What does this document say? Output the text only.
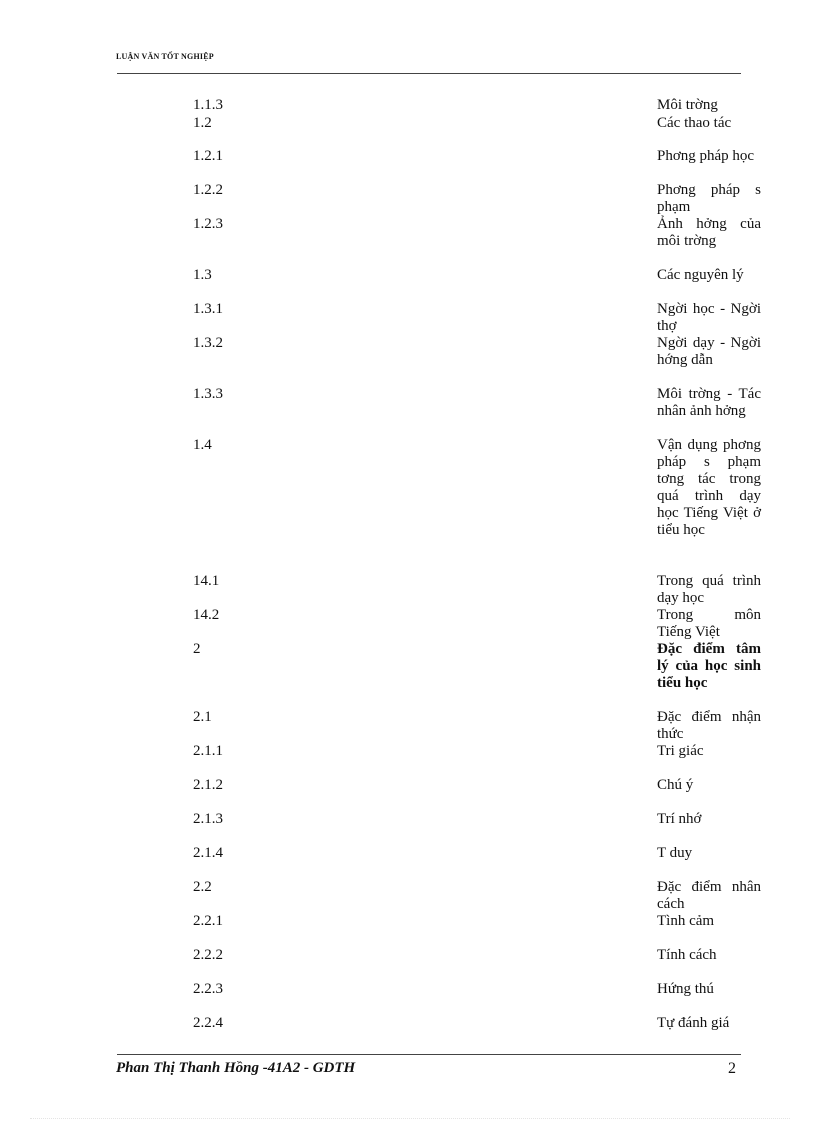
LUẬN VĂN TỐT NGHIỆP
1.1.3	Môi trờng
1.2	Các thao tác
1.2.1	Phơng pháp học
1.2.2	Phơng pháp s phạm
1.2.3	Ảnh hởng của môi trờng
1.3	Các nguyên lý
1.3.1	Ngời học - Ngời thợ
1.3.2	Ngời dạy - Ngời hớng dẫn
1.3.3	Môi trờng - Tác nhân ảnh hởng
1.4	Vận dụng phơng pháp s phạm tơng tác trong quá trình dạy học Tiếng Việt ở tiểu học
14.1	Trong quá trình dạy học
14.2	Trong môn Tiếng Việt
2	Đặc điểm tâm lý của học sinh tiểu học
2.1	Đặc điểm nhận thức
2.1.1	Tri giác
2.1.2	Chú ý
2.1.3	Trí nhớ
2.1.4	T duy
2.2	Đặc điểm nhân cách
2.2.1	Tình cảm
2.2.2	Tính cách
2.2.3	Hứng thú
2.2.4	Tự đánh giá
Phan Thị Thanh Hồng -41A2 - GDTH	2
